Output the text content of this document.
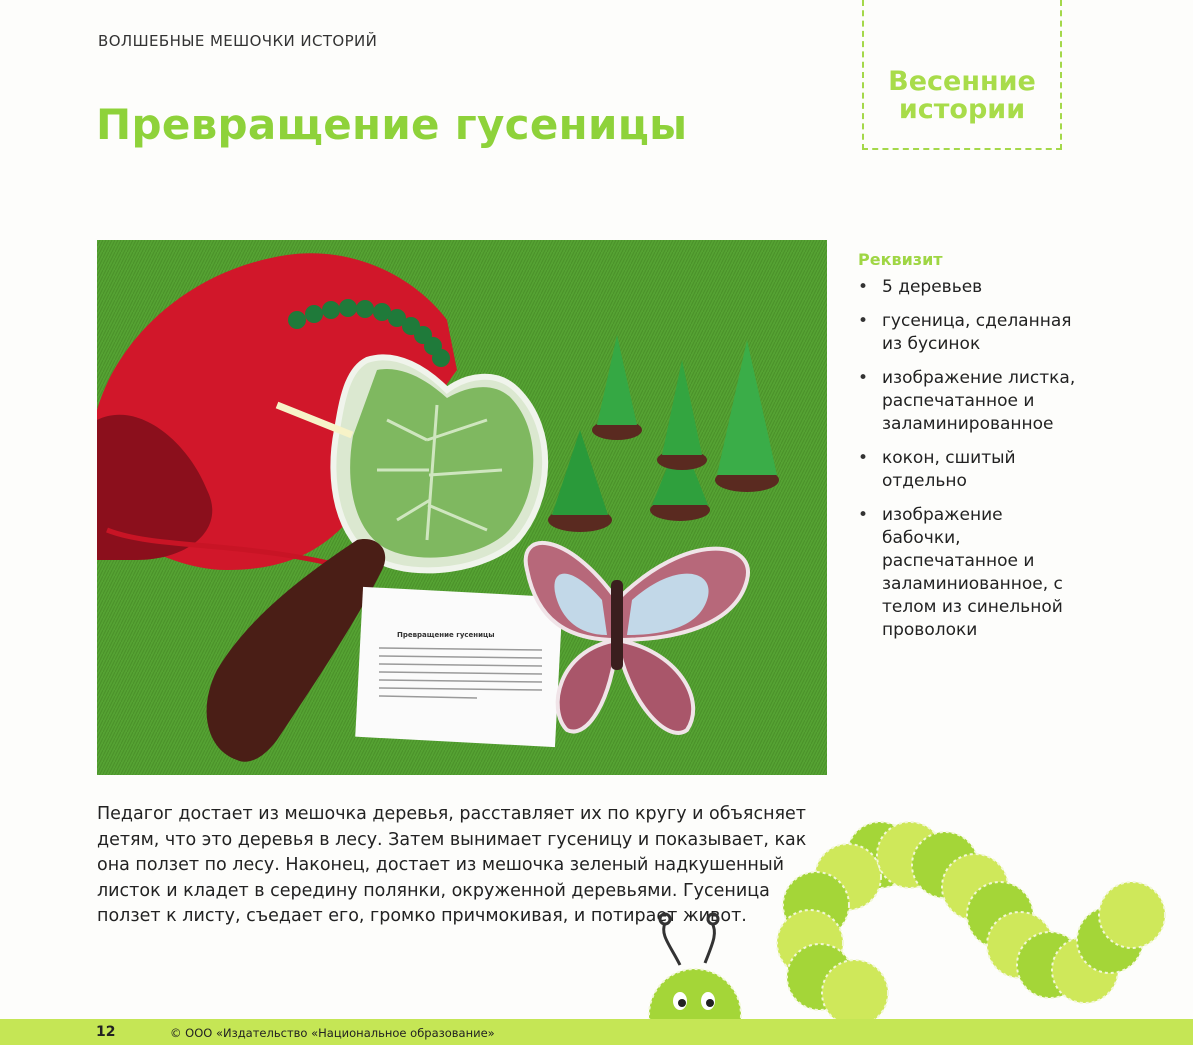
ВОЛШЕБНЫЕ МЕШОЧКИ ИСТОРИЙ
Превращение гусеницы
Весенние истории
Превращение гусеницы
Реквизит
• 5 деревьев
• гусеница, сделанная из бусинок
• изображение листка, распечатанное и заламинированное
• кокон, сшитый отдельно
• изображение бабочки, распечатанное и заламиниованное, с телом из синельной проволоки
Педагог достает из мешочка деревья, расставляет их по кругу и объясняет детям, что это деревья в лесу. Затем вынимает гусеницу и показывает, как она ползет по лесу. Наконец, достает из мешочка зеленый надкушенный листок и кладет в середину полянки, окруженной деревьями. Гусеница ползет к листу, съедает его, громко причмокивая, и потирает живот.
12	© ООО «Издательство «Национальное образование»
